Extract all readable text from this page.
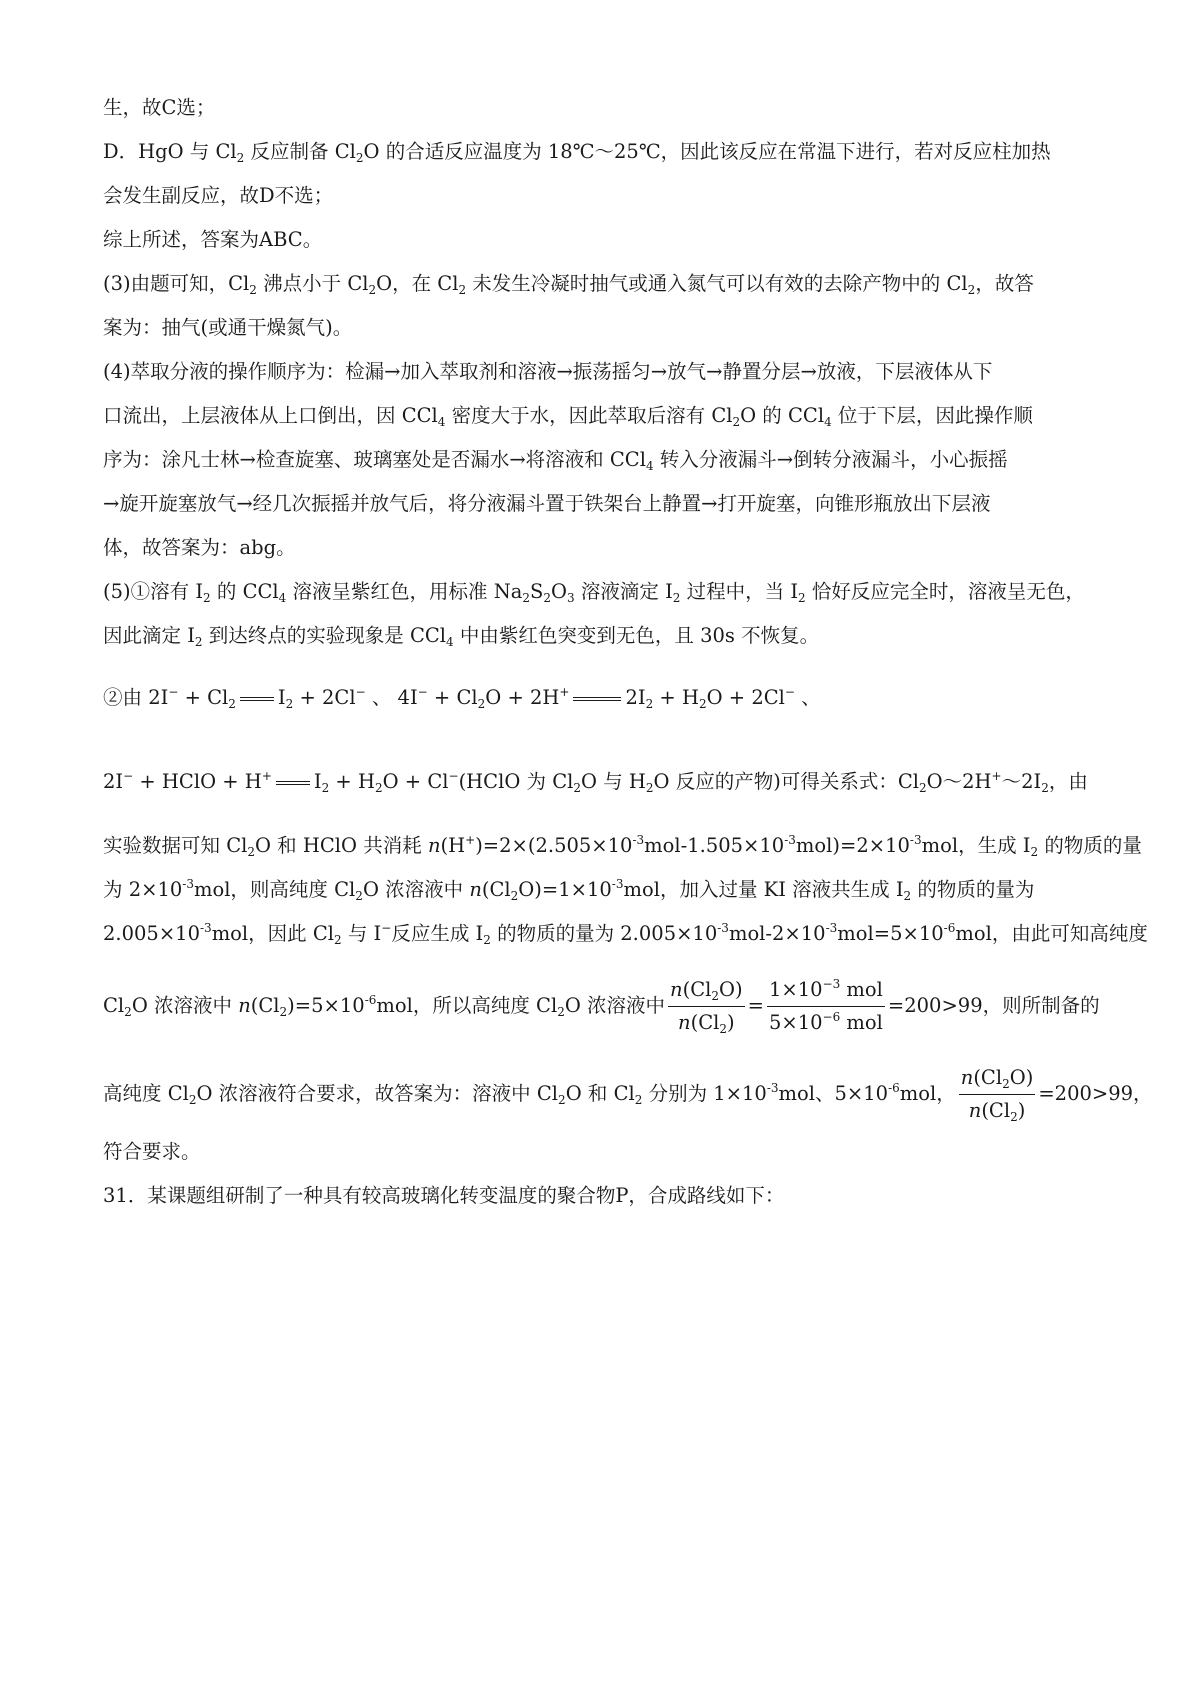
生，故C选；
D．HgO 与 $Cl_2$ 反应制备 $Cl_2O$ 的合适反应温度为 18℃～25℃，因此该反应在常温下进行，若对反应柱加热
会发生副反应，故D不选；
综上所述，答案为ABC。
(3)由题可知，$Cl_2$ 沸点小于 $Cl_2O$，在 $Cl_2$ 未发生冷凝时抽气或通入氮气可以有效的去除产物中的 $Cl_2$，故答
案为：抽气(或通干燥氮气)。
(4)萃取分液的操作顺序为：检漏→加入萃取剂和溶液→振荡摇匀→放气→静置分层→放液，下层液体从下
口流出，上层液体从上口倒出，因 CCl$_4$ 密度大于水，因此萃取后溶有 $Cl_2O$ 的 CCl$_4$ 位于下层，因此操作顺
序为：涂凡士林→检查旋塞、玻璃塞处是否漏水→将溶液和 CCl$_4$ 转入分液漏斗→倒转分液漏斗，小心振摇
→旋开旋塞放气→经几次振摇并放气后，将分液漏斗置于铁架台上静置→打开旋塞，向锥形瓶放出下层液
体，故答案为：abg。
(5)①溶有 $I_2$ 的 CCl$_4$ 溶液呈紫红色，用标准 $Na_2S_2O_3$ 溶液滴定 $I_2$ 过程中，当 $I_2$ 恰好反应完全时，溶液呈无色，
因此滴定 $I_2$ 到达终点的实验现象是 CCl$_4$ 中由紫红色突变到无色，且 30s 不恢复。
②由 $2I^- + Cl_2$ $I_2 + 2Cl^-$ 、 $4I^- + Cl_2O + 2H^+$	$2I_2 + H_2O + 2Cl^-$ 、
2I− + HClO + H+ $I_2 + H_2O$ + Cl−(HClO 为 $Cl_2O$ 与 $H_2O$ 反应的产物)可得关系式：$Cl_2O\sim 2H^+\sim 2I_2$，由
实验数据可知 $Cl_2O$ 和 HClO 共消耗 $n(H^+)=2\times(2.505\times 10^{-3}mol-1.505\times 10^{-3}mol)=2\times 10^{-3}mol$，生成 $I_2$ 的物质的量
为 $2\times 10^{-3}mol$，则高纯度 $Cl_2O$ 浓溶液中 $n(Cl_2O)=1\times 10^{-3}mol$，加入过量 KI 溶液共生成 $I_2$ 的物质的量为
$2.005\times 10^{-3}mol$，因此 $Cl_2$ 与 I−反应生成 $I_2$ 的物质的量为 $2.005\times 10^{-3}mol-2\times 10^{-3}mol=5\times 10^{-6}mol$，由此可知高纯度
$Cl_2O$ 浓溶液中 $n(Cl_2)=5\times 10^{-6}mol$，所以高纯度 $Cl_2O$ 浓溶液中 $\frac{n(Cl_2O)}{n(Cl_2)} = \frac{1\times 10^{-3} mol}{5\times 10^{-6} mol} =200>99$，则所制备的
高纯度 $Cl_2O$ 浓溶液符合要求，故答案为：溶液中 $Cl_2O$ 和 $Cl_2$ 分别为 $1\times 10^{-3}mol$、$5\times 10^{-6}mol$， $\frac{n(Cl_2O)}{n(Cl_2)} =200>99$，
符合要求。
31．某课题组研制了一种具有较高玻璃化转变温度的聚合物P，合成路线如下：
